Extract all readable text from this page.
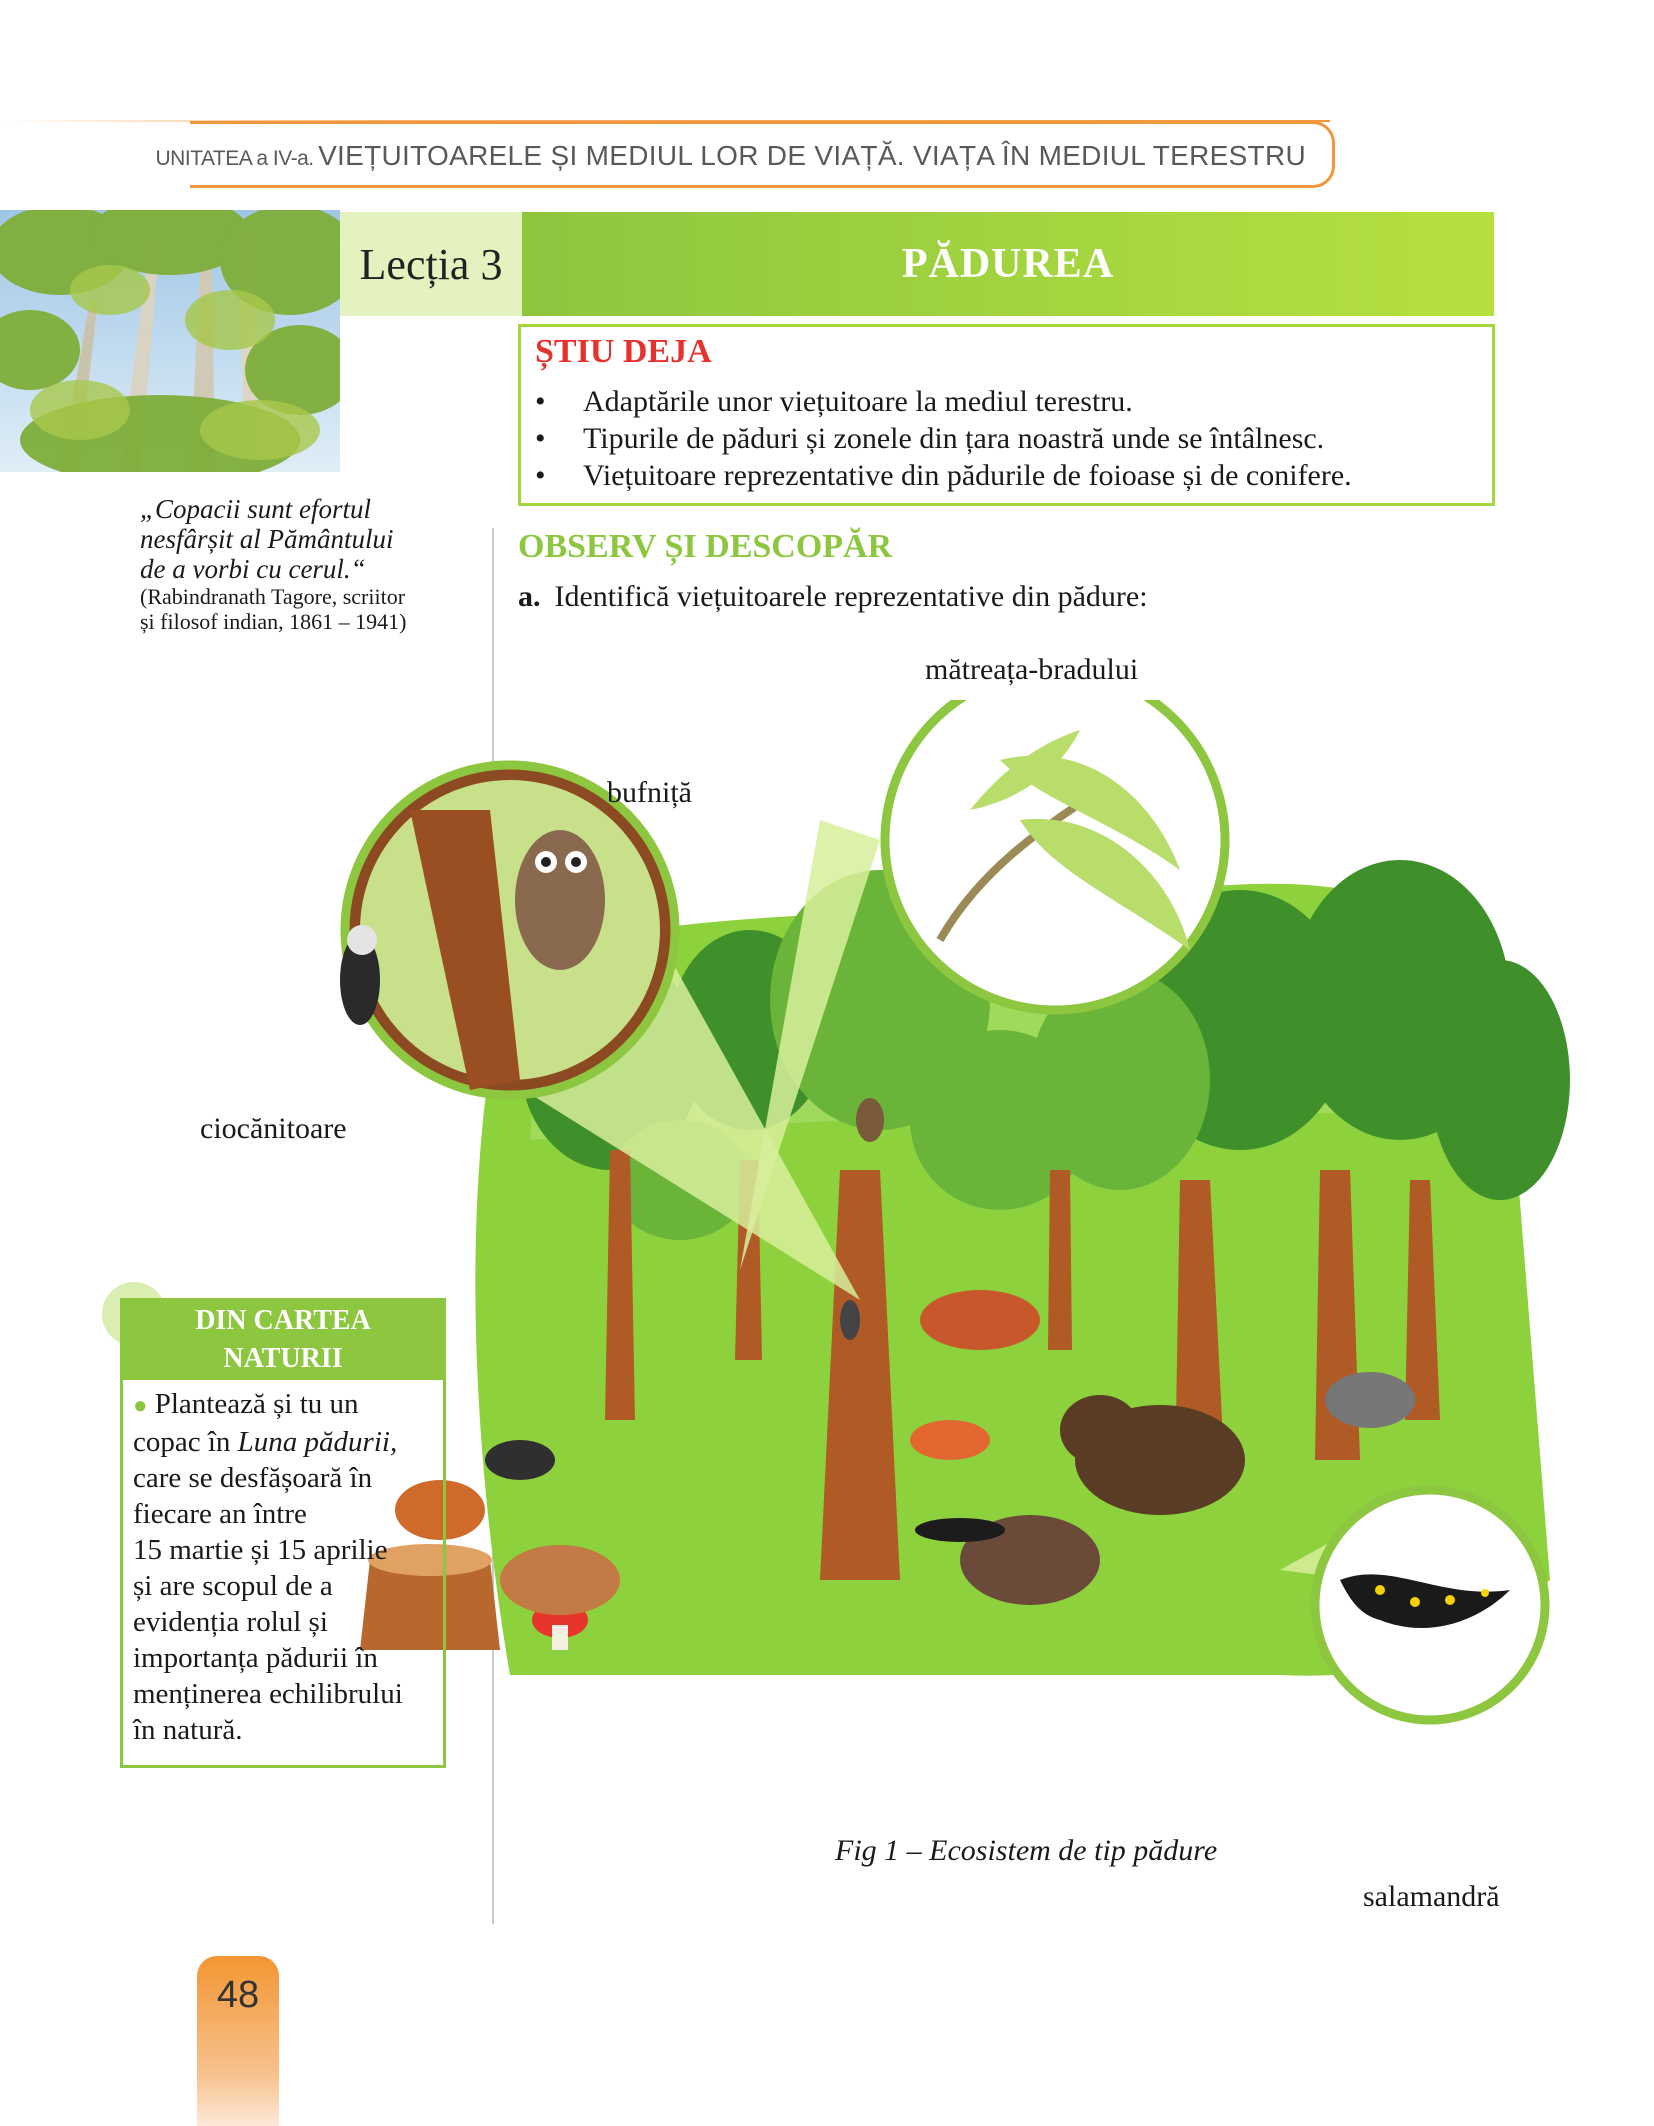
UNITATEA a IV-a. VIEȚUITOARELE ȘI MEDIUL LOR DE VIAȚĂ. VIAȚA ÎN MEDIUL TERESTRU
Lecția 3	PĂDUREA
ȘTIU DEJA
• Adaptările unor viețuitoare la mediul terestru.
• Tipurile de păduri și zonele din țara noastră unde se întâlnesc.
• Viețuitoare reprezentative din pădurile de foioase și de conifere.
„Copacii sunt efortul
nesfârșit al Pământului
de a vorbi cu cerul.“
(Rabindranath Tagore, scriitor
și filosof indian, 1861 – 1941)
OBSERV ȘI DESCOPĂR
a. Identifică viețuitoarele reprezentative din pădure:
mătreața-bradului
bufniță
ciocănitoare
salamandră
Fig 1 – Ecosistem de tip pădure
DIN CARTEA
NATURII
● Plantează și tu un
copac în Luna pădurii,
care se desfășoară în
fiecare an între
15 martie și 15 aprilie
și are scopul de a
evidenția rolul și
importanța pădurii în
menținerea echilibrului
în natură.
48
